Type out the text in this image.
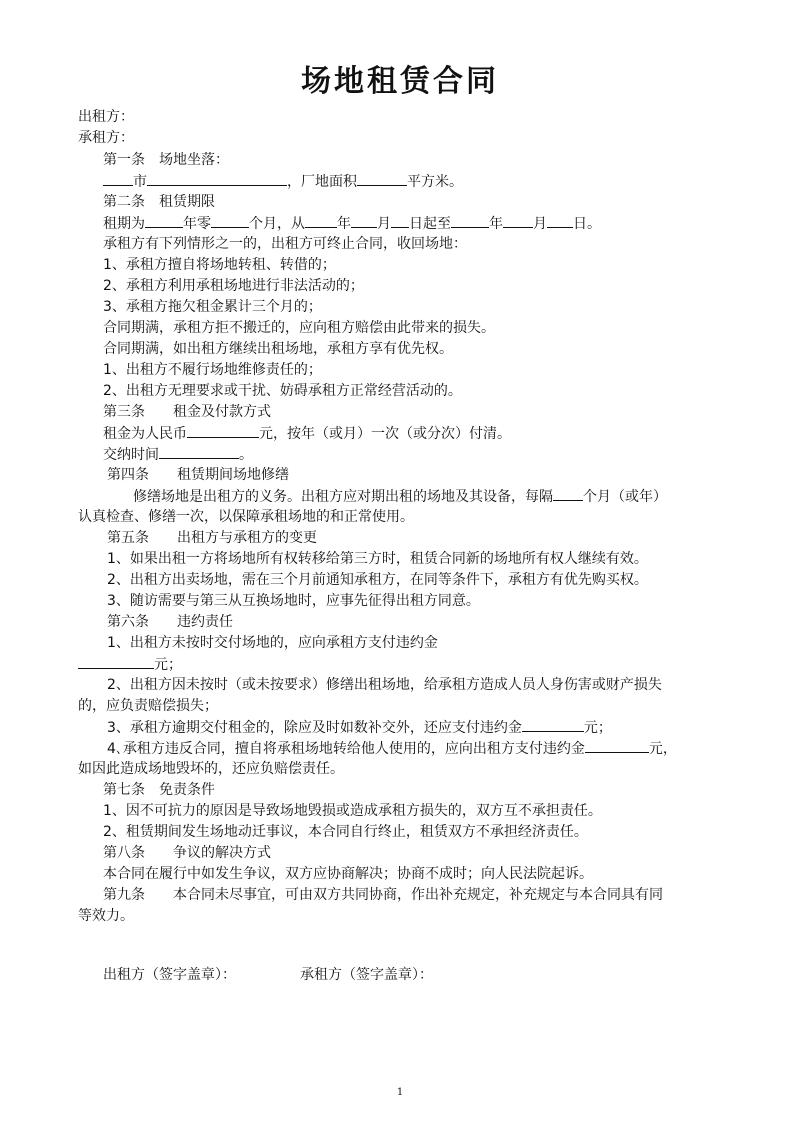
场地租赁合同
出租方：
承租方：
第一条　场地坐落：
市	，厂地面积	平方米。
第二条　租赁期限
租期为	年零	个月，从 年 月 日起至	年 月 日。
承租方有下列情形之一的，出租方可终止合同，收回场地：
1、承租方擅自将场地转租、转借的；
2、承租方利用承租场地进行非法活动的；
3、承租方拖欠租金累计三个月的；
合同期满，承租方拒不搬迁的，应向租方赔偿由此带来的损失。
合同期满，如出租方继续出租场地，承租方享有优先权。
1、出租方不履行场地维修责任的；
2、出租方无理要求或干扰、妨碍承租方正常经营活动的。
第三条　　租金及付款方式
租金为人民币	元，按年（或月）一次（或分次）付清。
交纳时间	。
第四条　　租赁期间场地修缮
修缮场地是出租方的义务。出租方应对期出租的场地及其设备，每隔 个月（或年）
认真检查、修缮一次，以保障承租场地的和正常使用。
第五条　　出租方与承租方的变更
1、如果出租一方将场地所有权转移给第三方时，租赁合同新的场地所有权人继续有效。
2、出租方出卖场地，需在三个月前通知承租方，在同等条件下，承租方有优先购买权。
3、随访需要与第三从互换场地时，应事先征得出租方同意。
第六条　　违约责任
1、出租方未按时交付场地的，应向承租方支付违约金
元；
2、出租方因未按时（或未按要求）修缮出租场地，给承租方造成人员人身伤害或财产损失
的，应负责赔偿损失；
3、承租方逾期交付租金的，除应及时如数补交外，还应支付违约金	元；
4､承租方违反合同，擅自将承租场地转给他人使用的，应向出租方支付违约金	元，
如因此造成场地毁坏的，还应负赔偿责任。
第七条　免责条件
1、因不可抗力的原因是导致场地毁损或造成承租方损失的，双方互不承担责任。
2、租赁期间发生场地动迁事议，本合同自行终止，租赁双方不承担经济责任。
第八条　　争议的解决方式
本合同在履行中如发生争议，双方应协商解决；协商不成时；向人民法院起诉。
第九条　　本合同未尽事宜，可由双方共同协商，作出补充规定，补充规定与本合同具有同
等效力。
出租方（签字盖章）：	承租方（签字盖章）：
1
